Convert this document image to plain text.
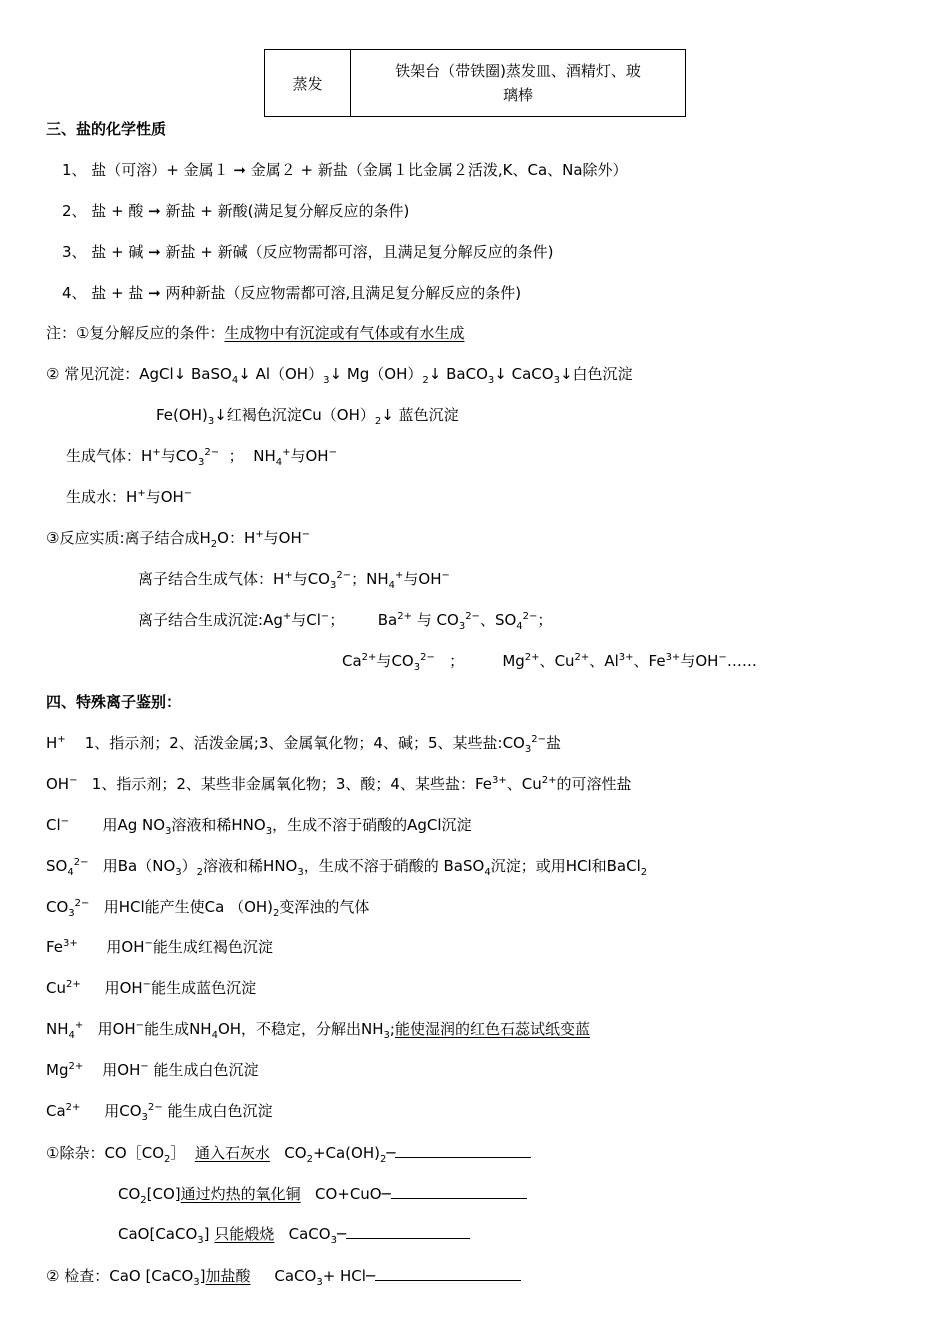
蒸发	铁架台（带铁圈)蒸发皿、酒精灯、玻
璃棒
三、盐的化学性质
1、 盐（可溶）+ 金属１ ➞ 金属２ + 新盐（金属１比金属２活泼,K、Ca、Na除外）
2、 盐 + 酸 ➞ 新盐 + 新酸(满足复分解反应的条件)
3、 盐 + 碱 ➞ 新盐 + 新碱（反应物需都可溶，且满足复分解反应的条件)
4、 盐 + 盐 ➞ 两种新盐（反应物需都可溶,且满足复分解反应的条件)
注：①复分解反应的条件：生成物中有沉淀或有气体或有水生成
② 常见沉淀：AgCl↓ BaSO$_4$↓ $Al(OH)_3↓$ $Mg(OH)_2↓$ BaCO$_3$↓ CaCO$_3$↓白色沉淀
$Fe(OH)_3↓$红褐色沉淀$Cu(OH)_2↓$ 蓝色沉淀
生成气体：H+与$CO_3^{2-}$ ； $NH_4^+$与OH−
生成水：H+与OH−
③反应实质:离子结合成$H_2O$：H+与OH−
离子结合生成气体：H+与$CO_3^{2-}$；$NH_4^+$与OH−
离子结合生成沉淀:Ag+与Cl−； $Ba^{2+}$ 与 $CO_3^{2-}$、$SO_4^{2-}$；
$Ca^{2+}$与$CO_3^{2-}$ ；	$Mg^{2+}$、$Cu^{2+}$、$Al^{3+}$、$Fe^{3+}$与OH−……
四、特殊离子鉴别：
H+ 1、指示剂；2、活泼金属;3、金属氧化物；4、碱；5、某些盐$:CO_3^{2-}$盐
OH− 1、指示剂；2、某些非金属氧化物；3、酸；4、某些盐：$Fe^{3+}$、$Cu^{2+}$的可溶性盐
Cl− 用Ag $NO_3$溶液和稀$HNO_3$，生成不溶于硝酸的AgCl沉淀
$SO_4^{2-}$ 用$Ba(NO_3)_2$溶液和稀$HNO_3$，生成不溶于硝酸的 BaSO$_4$沉淀；或用HCl和BaCl$_2$
$CO_3^{2-}$ 用HCl能产生使Ca $(OH)_2$变浑浊的气体
$Fe^{3+}$ 用OH−能生成红褐色沉淀
$Cu^{2+}$ 用OH−能生成蓝色沉淀
$NH_4^+$ 用OH−能生成$NH_4OH$，不稳定，分解出$NH_3$;能使湿润的红色石蕊试纸变蓝
$Mg^{2+}$ 用OH− 能生成白色沉淀
$Ca^{2+}$ 用$CO_3^{2-}$ 能生成白色沉淀
①除杂：$CO[CO_2]$ 通入石灰水 $CO_2+Ca(OH)_2─$
$CO_2[CO]$通过灼热的氧化铜 CO+CuO─
CaO[CaCO$_3$] 只能煅烧 CaCO$_3$─
② 检查：CaO [CaCO$_3$]加盐酸 CaCO$_3$+ HCl─
